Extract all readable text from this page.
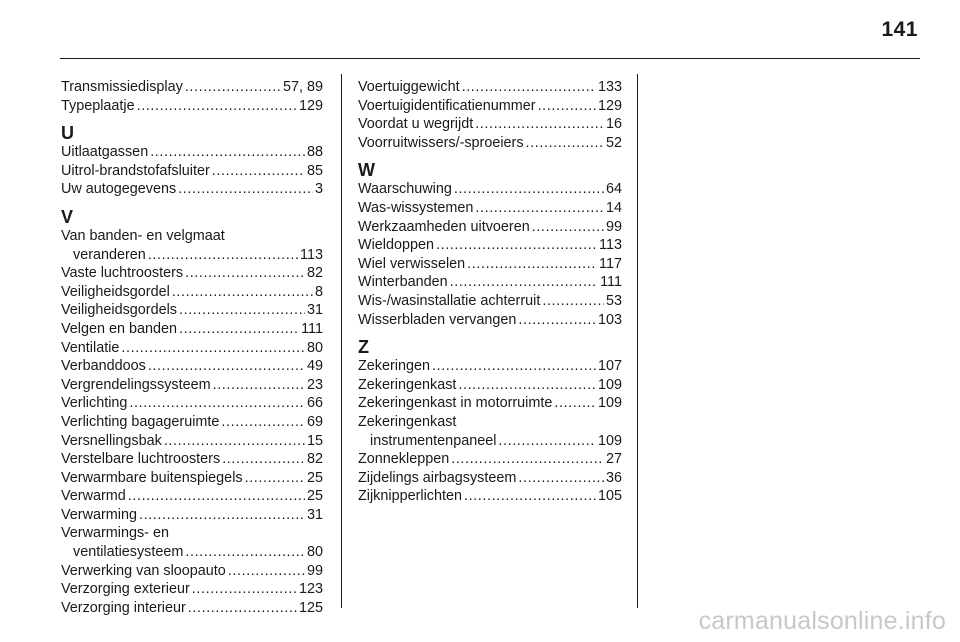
141
Transmissiedisplay .....	57, 89
Typeplaatje .....	129
U
Uitlaatgassen .....	88
Uitrol-brandstofafsluiter .....	85
Uw autogegevens .....	3
V
Van banden- en velgmaat
veranderen .....	113
Vaste luchtroosters .....	82
Veiligheidsgordel .....	8
Veiligheidsgordels .....	31
Velgen en banden .....	111
Ventilatie .....	80
Verbanddoos .....	49
Vergrendelingssysteem .....	23
Verlichting .....	66
Verlichting bagageruimte .....	69
Versnellingsbak .....	15
Verstelbare luchtroosters .....	82
Verwarmbare buitenspiegels .....	25
Verwarmd .....	25
Verwarming .....	31
Verwarmings- en
ventilatiesysteem .....	80
Verwerking van sloopauto .....	99
Verzorging exterieur .....	123
Verzorging interieur .....	125
Voertuiggewicht .....	133
Voertuigidentificatienummer .....	129
Voordat u wegrijdt .....	16
Voorruitwissers/-sproeiers .....	52
W
Waarschuwing .....	64
Was-wissystemen .....	14
Werkzaamheden uitvoeren .....	99
Wieldoppen .....	113
Wiel verwisselen .....	117
Winterbanden .....	111
Wis-/wasinstallatie achterruit .....	53
Wisserbladen vervangen .....	103
Z
Zekeringen .....	107
Zekeringenkast .....	109
Zekeringenkast in motorruimte .....	109
Zekeringenkast
instrumentenpaneel .....	109
Zonnekleppen .....	27
Zijdelings airbagsysteem .....	36
Zijknipperlichten .....	105
carmanualsonline.info
